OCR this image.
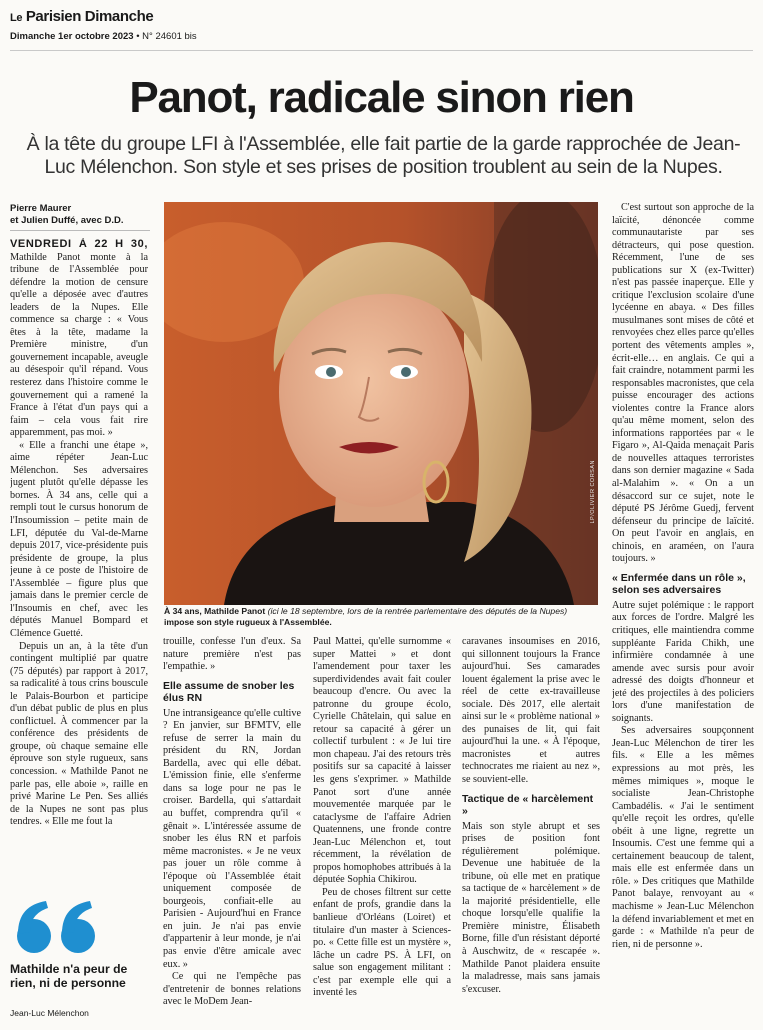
Le Parisien Dimanche
Dimanche 1er octobre 2023 • N° 24601 bis
Panot, radicale sinon rien
À la tête du groupe LFI à l'Assemblée, elle fait partie de la garde rapprochée de Jean-Luc Mélenchon. Son style et ses prises de position troublent au sein de la Nupes.
Pierre Maurer
et Julien Duffé, avec D.D.

VENDREDI À 22 H 30, Mathilde Panot monte à la tribune de l'Assemblée pour défendre la motion de censure qu'elle a déposée avec d'autres leaders de la Nupes. Elle commence sa charge : « Vous êtes à la tête, madame la Première ministre, d'un gouvernement incapable, aveugle au désespoir qu'il répand. Vous resterez dans l'histoire comme le gouvernement qui a ramené la France à l'état d'un pays qui a faim – cela vous fait rire apparemment, pas moi. »

« Elle a franchi une étape », aime répéter Jean-Luc Mélenchon. Ses adversaires jugent plutôt qu'elle dépasse les bornes. À 34 ans, celle qui a rempli tout le cursus honorum de l'Insoumission – petite main de LFI, députée du Val-de-Marne depuis 2017, vice-présidente puis présidente de groupe, la plus jeune à ce poste de l'histoire de l'Assemblée – figure plus que jamais dans le premier cercle de l'Insoumis en chef, avec les députés Manuel Bompard et Clémence Guetté.

Depuis un an, à la tête d'un contingent multiplié par quatre (75 députés) par rapport à 2017, sa radicalité à tous crins bouscule le Palais-Bourbon et participe d'un débat public de plus en plus conflictuel. À commencer par la conférence des présidents de groupe, où chaque semaine elle éprouve son style rugueux, sans concession. « Mathilde Panot ne parle pas, elle aboie », raille en privé Marine Le Pen. Ses alliés de la Nupes ne sont pas plus tendres. « Elle me fout la

Mathilde n'a peur de rien, ni de personne
Jean-Luc Mélenchon
LP/OLIVIER CORSAN
À 34 ans, Mathilde Panot (ici le 18 septembre, lors de la rentrée parlementaire des députés de la Nupes) impose son style rugueux à l'Assemblée.

trouille, confesse l'un d'eux. Sa nature première n'est pas l'empathie. »

Elle assume de snober les élus RN

Une intransigeance qu'elle cultive ? En janvier, sur BFMTV, elle refuse de serrer la main du président du RN, Jordan Bardella, avec qui elle débat. L'émission finie, elle s'enferme dans sa loge pour ne pas le croiser. Bardella, qui s'attardait au buffet, comprendra qu'il « gênait ». L'intéressée assume de snober les élus RN et parfois même macronistes. « Je ne veux pas jouer un rôle comme à l'époque où l'Assemblée était uniquement composée de bourgeois, confiait-elle au Parisien - Aujourd'hui en France en juin. Je n'ai pas envie d'appartenir à leur monde, je n'ai pas envie d'être amicale avec eux. »

Ce qui ne l'empêche pas d'entretenir de bonnes relations avec le MoDem Jean-

Paul Mattei, qu'elle surnomme « super Mattei » et dont l'amendement pour taxer les superdividendes avait fait couler beaucoup d'encre. Ou avec la patronne du groupe écolo, Cyrielle Châtelain, qui salue en retour sa capacité à gérer un collectif turbulent : « Je lui tire mon chapeau. J'ai des retours très positifs sur sa capacité à laisser les gens s'exprimer. » Mathilde Panot sort d'une année mouvementée marquée par le cataclysme de l'affaire Adrien Quatennens, une fronde contre Jean-Luc Mélenchon et, tout récemment, la révélation de propos homophobes attribués à la députée Sophia Chikirou.

Peu de choses filtrent sur cette enfant de profs, grandie dans la banlieue d'Orléans (Loiret) et titulaire d'un master à Sciences-po. « Cette fille est un mystère », lâche un cadre PS. À LFI, on salue son engagement militant : c'est par exemple elle qui a inventé les

caravanes insoumises en 2016, qui sillonnent toujours la France aujourd'hui. Ses camarades louent également la prise avec le réel de cette ex-travailleuse sociale. Dès 2017, elle alertait ainsi sur le « problème national » des punaises de lit, qui fait aujourd'hui la une. « À l'époque, macronistes et autres technocrates me riaient au nez », se souvient-elle.

Tactique de « harcèlement »

Mais son style abrupt et ses prises de position font régulièrement polémique. Devenue une habituée de la tribune, où elle met en pratique sa tactique de « harcèlement » de la majorité présidentielle, elle choque lorsqu'elle qualifie la Première ministre, Élisabeth Borne, fille d'un résistant déporté à Auschwitz, de « rescapée ». Mathilde Panot plaidera ensuite la maladresse, mais sans jamais s'excuser.

C'est surtout son approche de la laïcité, dénoncée comme communautariste par ses détracteurs, qui pose question. Récemment, l'une de ses publications sur X (ex-Twitter) n'est pas passée inaperçue. Elle y critique l'exclusion scolaire d'une lycéenne en abaya. « Des filles musulmanes sont mises de côté et renvoyées chez elles parce qu'elles portent des vêtements amples », écrit-elle… en anglais. Ce qui a fait craindre, notamment parmi les responsables macronistes, que cela puisse encourager des actions violentes contre la France alors qu'au même moment, selon des informations rapportées par « le Figaro », Al-Qaida menaçait Paris de nouvelles attaques terroristes dans son dernier magazine « Sada al-Malahim ». « On a un désaccord sur ce sujet, note le député PS Jérôme Guedj, fervent défenseur du principe de laïcité. On peut l'avoir en anglais, en chinois, en araméen, on l'aura toujours. »

« Enfermée dans un rôle », selon ses adversaires

Autre sujet polémique : le rapport aux forces de l'ordre. Malgré les critiques, elle maintiendra comme suppléante Farida Chikh, une infirmière condamnée à une amende avec sursis pour avoir adressé des doigts d'honneur et jeté des projectiles à des policiers lors d'une manifestation de soignants.

Ses adversaires soupçonnent Jean-Luc Mélenchon de tirer les fils. « Elle a les mêmes expressions au mot près, les mêmes mimiques », moque le socialiste Jean-Christophe Cambadélis. « J'ai le sentiment qu'elle reçoit les ordres, qu'elle obéit à une ligne, regrette un Insoumis. C'est une femme qui a certainement beaucoup de talent, mais elle est enfermée dans un rôle. » Des critiques que Mathilde Panot balaye, renvoyant au « machisme » Jean-Luc Mélenchon la défend invariablement et met en garde : « Mathilde n'a peur de rien, ni de personne ».
